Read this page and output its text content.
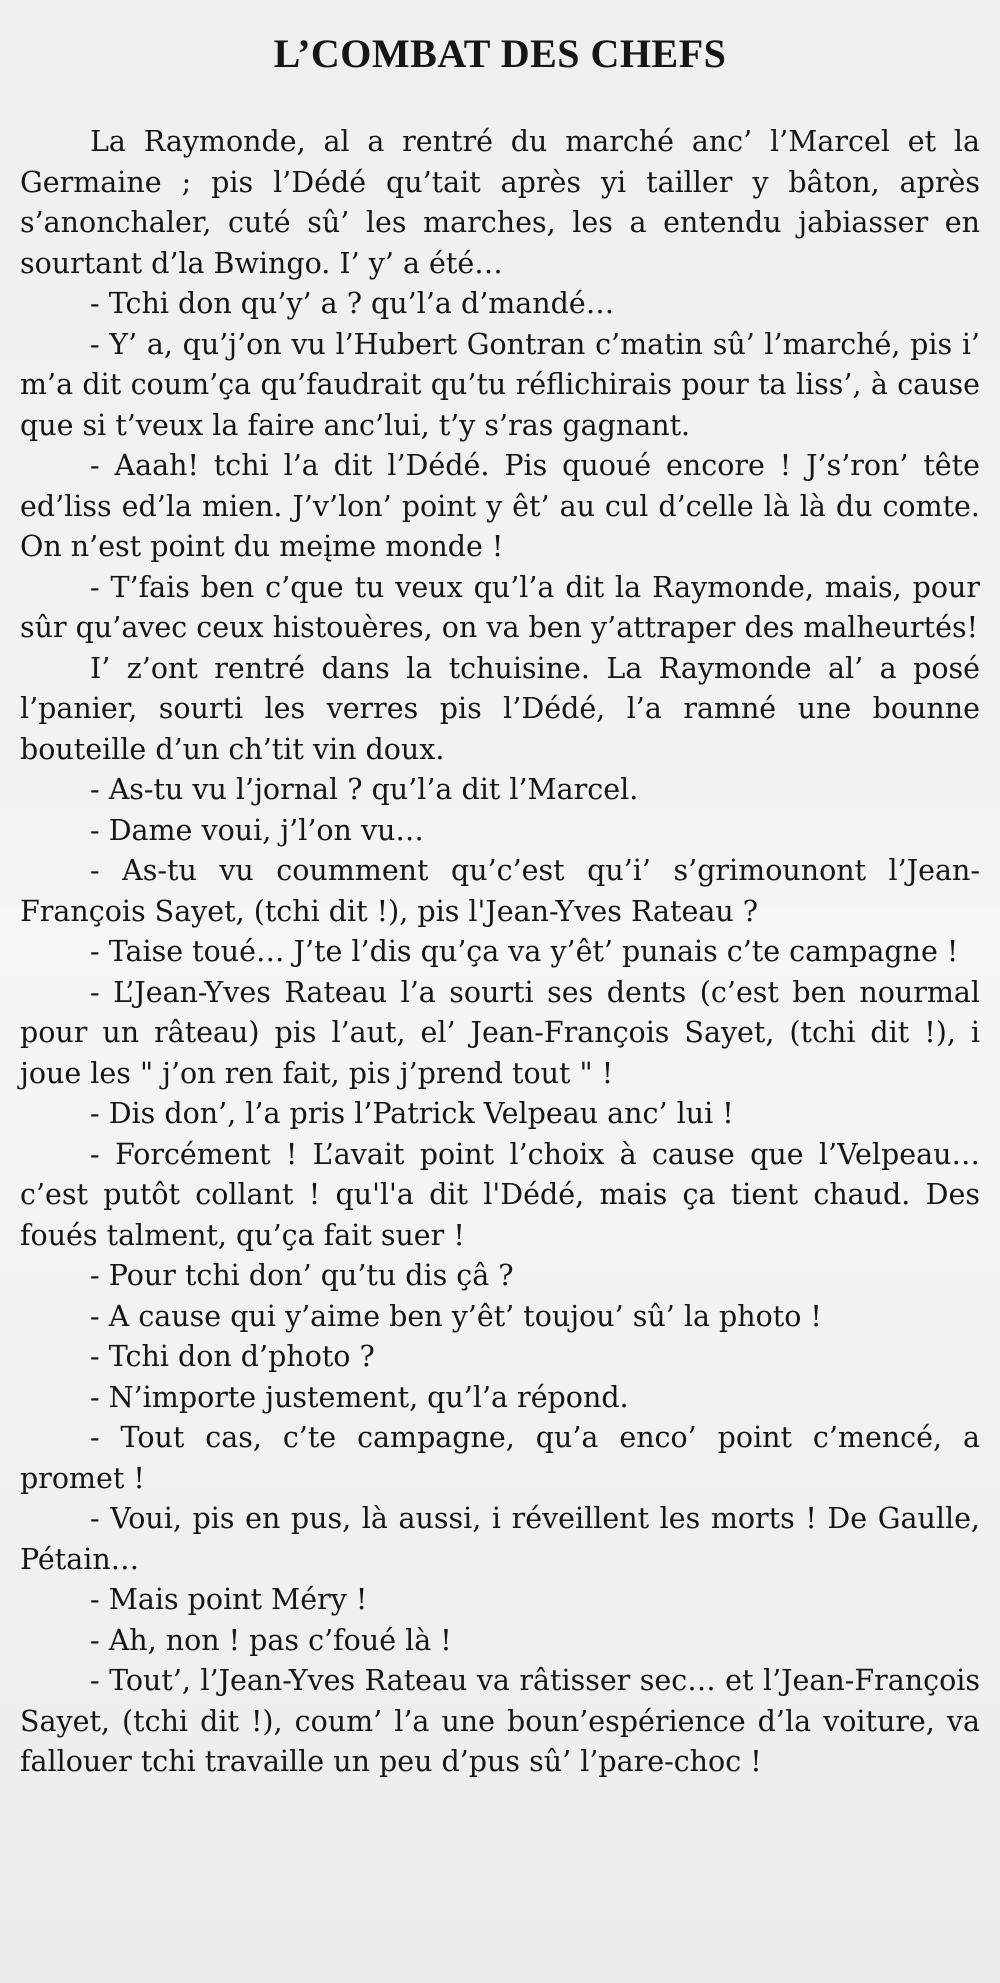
L’COMBAT DES CHEFS

La Raymonde, al a rentré du marché anc’ l’Marcel et la Germaine ; pis l’Dédé qu’tait après yi tailler y bâton, après s’anonchaler, cuté sû’ les marches, les a entendu jabiasser en sourtant d’la Bwingo. I’ y’ a été…

- Tchi don qu’y’ a ? qu’l’a d’mandé…

- Y’ a, qu’j’on vu l’Hubert Gontran c’matin sû’ l’marché, pis i’ m’a dit coum’ça qu’faudrait qu’tu réflichirais pour ta liss’, à cause que si t’veux la faire anc’lui, t’y s’ras gagnant.

- Aaah! tchi l’a dit l’Dédé. Pis quoué encore ! J’s’ron’ tête ed’liss ed’la mien. J’v’lon’ point y êt’ au cul d’celle là là du comte. On n’est point du meįme monde !

- T’fais ben c’que tu veux qu’l’a dit la Raymonde, mais, pour sûr qu’avec ceux histouères, on va ben y’attraper des malheurtés!

I’ z’ont rentré dans la tchuisine. La Raymonde al’ a posé l’panier, sourti les verres pis l’Dédé, l’a ramné une bounne bouteille d’un ch’tit vin doux.

- As-tu vu l’jornal ? qu’l’a dit l’Marcel.

- Dame voui, j’l’on vu…

- As-tu vu coumment qu’c’est qu’i’ s’grimounont l’Jean-François Sayet, (tchi dit !), pis l'Jean-Yves Rateau ?

- Taise toué… J’te l’dis qu’ça va y’êt’ punais c’te campagne !

- L’Jean-Yves Rateau l’a sourti ses dents (c’est ben nourmal pour un râteau) pis l’aut, el’ Jean-François Sayet, (tchi dit !), i joue les " j’on ren fait, pis j’prend tout " !

- Dis don’, l’a pris l’Patrick Velpeau anc’ lui !

- Forcément ! L’avait point l’choix à cause que l’Velpeau… c’est putôt collant ! qu'l'a dit l'Dédé, mais ça tient chaud. Des foués talment, qu’ça fait suer !

- Pour tchi don’ qu’tu dis çâ ?

- A cause qui y’aime ben y’êt’ toujou’ sû’ la photo !

- Tchi don d’photo ?

- N’importe justement, qu’l’a répond.

- Tout cas, c’te campagne, qu’a enco’ point c’mencé, a promet !

- Voui, pis en pus, là aussi, i réveillent les morts ! De Gaulle, Pétain…

- Mais point Méry !

- Ah, non ! pas c’foué là !

- Tout’, l’Jean-Yves Rateau va râtisser sec… et l’Jean-François Sayet, (tchi dit !), coum’ l’a une boun’espérience d’la voiture, va fallouer tchi travaille un peu d’pus sû’ l’pare-choc !
